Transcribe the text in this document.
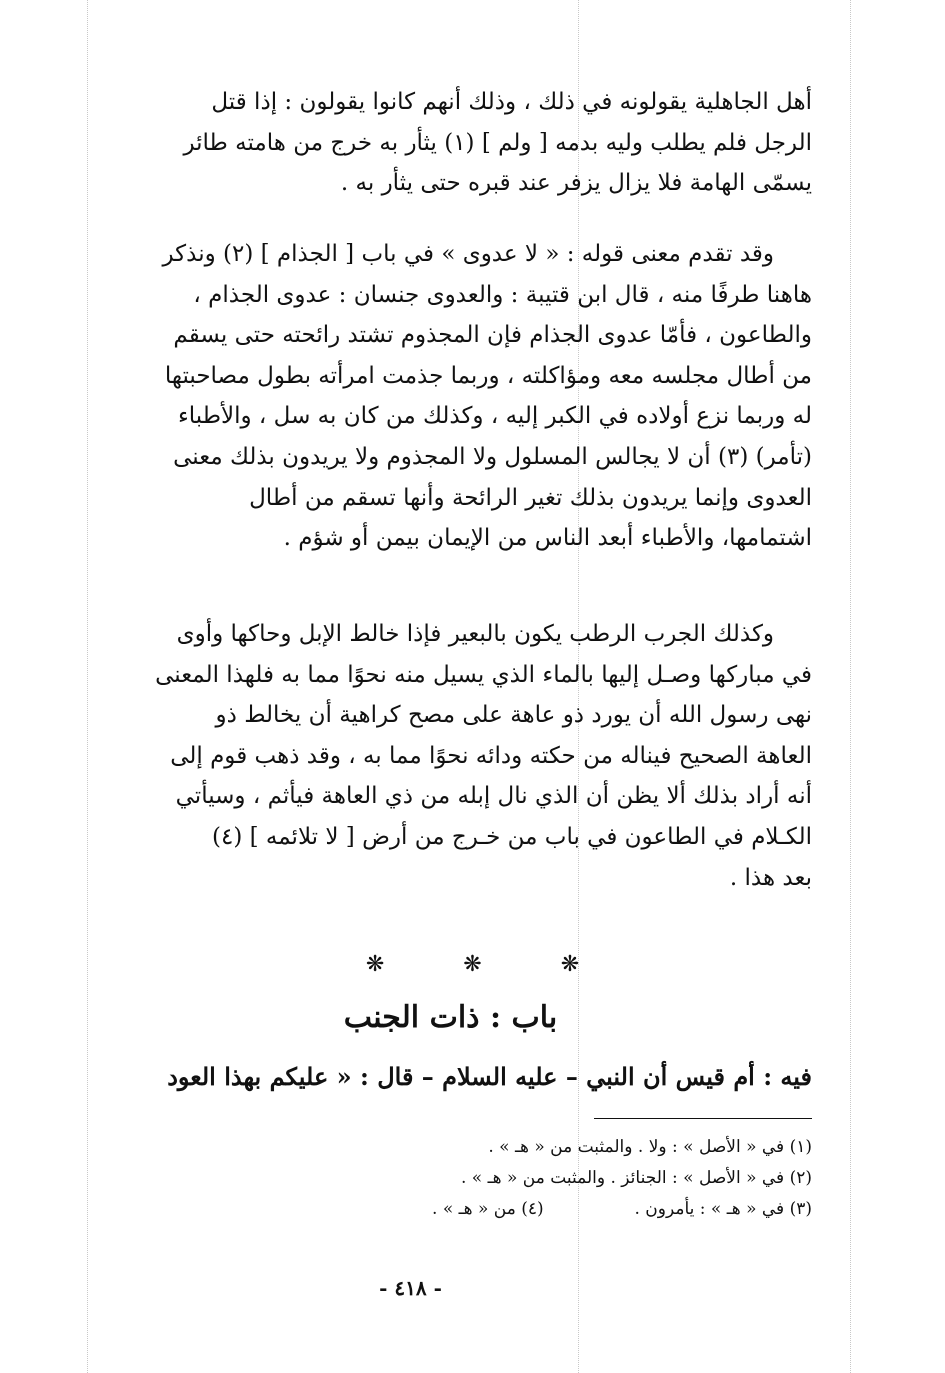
أهل الجاهلية يقولونه في ذلك ، وذلك أنهم كانوا يقولون : إذا قتل
الرجل فلم يطلب وليه بدمه [ ولم ] (١) يثأر به خرج من هامته طائر
يسمّى الهامة فلا يزال يزفر عند قبره حتى يثأر به .
وقد تقدم معنى قوله : « لا عدوى » في باب [ الجذام ] (٢) ونذكر
هاهنا طرفًا منه ، قال ابن قتيبة : والعدوى جنسان : عدوى الجذام ،
والطاعون ، فأمّا عدوى الجذام فإن المجذوم تشتد رائحته حتى يسقم
من أطال مجلسه معه ومؤاكلته ، وربما جذمت امرأته بطول مصاحبتها
له وربما نزع أولاده في الكبر إليه ، وكذلك من كان به سل ، والأطباء
(تأمر) (٣) أن لا يجالس المسلول ولا المجذوم ولا يريدون بذلك معنى
العدوى وإنما يريدون بذلك تغير الرائحة وأنها تسقم من أطال
اشتمامها، والأطباء أبعد الناس من الإيمان بيمن أو شؤم .
وكذلك الجرب الرطب يكون بالبعير فإذا خالط الإبل وحاكها وأوى
في مباركها وصـل إليها بالماء الذي يسيل منه نحوًا مما به فلهذا المعنى
نهى رسول الله أن يورد ذو عاهة على مصح كراهية أن يخالط ذو
العاهة الصحيح فيناله من حكته ودائه نحوًا مما به ، وقد ذهب قوم إلى
أنه أراد بذلك ألا يظن أن الذي نال إبله من ذي العاهة فيأثم ، وسيأتي
الكـلام في الطاعون في باب من خـرج من أرض [ لا تلائمه ] (٤)
بعد هذا .
❋ ❋ ❋
باب : ذات الجنب
فيه : أم قيس أن النبي – عليه السلام – قال : « عليكم بهذا العود
(١) في « الأصل » : ولا . والمثبت من « هـ » .
(٢) في « الأصل » : الجنائز . والمثبت من « هـ » .
(٣) في « هـ » : يأمرون .  (٤) من « هـ » .
- ٤١٨ -
